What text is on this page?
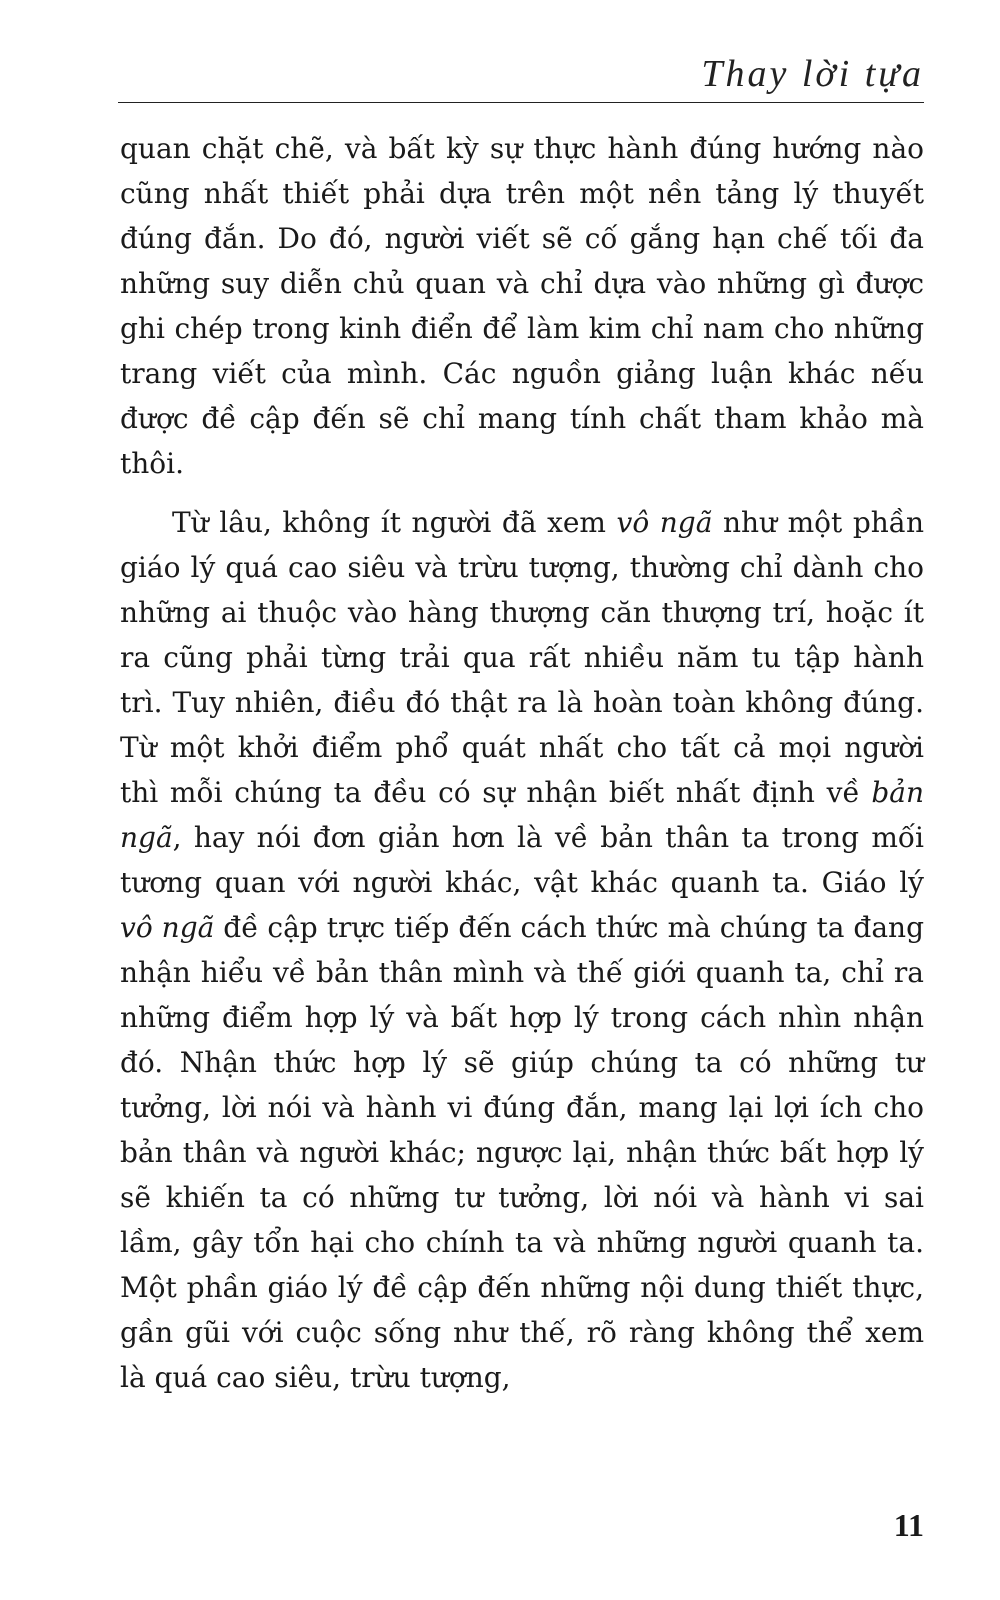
Thay lời tựa

quan chặt chẽ, và bất kỳ sự thực hành đúng hướng nào cũng nhất thiết phải dựa trên một nền tảng lý thuyết đúng đắn. Do đó, người viết sẽ cố gắng hạn chế tối đa những suy diễn chủ quan và chỉ dựa vào những gì được ghi chép trong kinh điển để làm kim chỉ nam cho những trang viết của mình. Các nguồn giảng luận khác nếu được đề cập đến sẽ chỉ mang tính chất tham khảo mà thôi.

Từ lâu, không ít người đã xem vô ngã như một phần giáo lý quá cao siêu và trừu tượng, thường chỉ dành cho những ai thuộc vào hàng thượng căn thượng trí, hoặc ít ra cũng phải từng trải qua rất nhiều năm tu tập hành trì. Tuy nhiên, điều đó thật ra là hoàn toàn không đúng. Từ một khởi điểm phổ quát nhất cho tất cả mọi người thì mỗi chúng ta đều có sự nhận biết nhất định về bản ngã, hay nói đơn giản hơn là về bản thân ta trong mối tương quan với người khác, vật khác quanh ta. Giáo lý vô ngã đề cập trực tiếp đến cách thức mà chúng ta đang nhận hiểu về bản thân mình và thế giới quanh ta, chỉ ra những điểm hợp lý và bất hợp lý trong cách nhìn nhận đó. Nhận thức hợp lý sẽ giúp chúng ta có những tư tưởng, lời nói và hành vi đúng đắn, mang lại lợi ích cho bản thân và người khác; ngược lại, nhận thức bất hợp lý sẽ khiến ta có những tư tưởng, lời nói và hành vi sai lầm, gây tổn hại cho chính ta và những người quanh ta. Một phần giáo lý đề cập đến những nội dung thiết thực, gần gũi với cuộc sống như thế, rõ ràng không thể xem là quá cao siêu, trừu tượng,

11
